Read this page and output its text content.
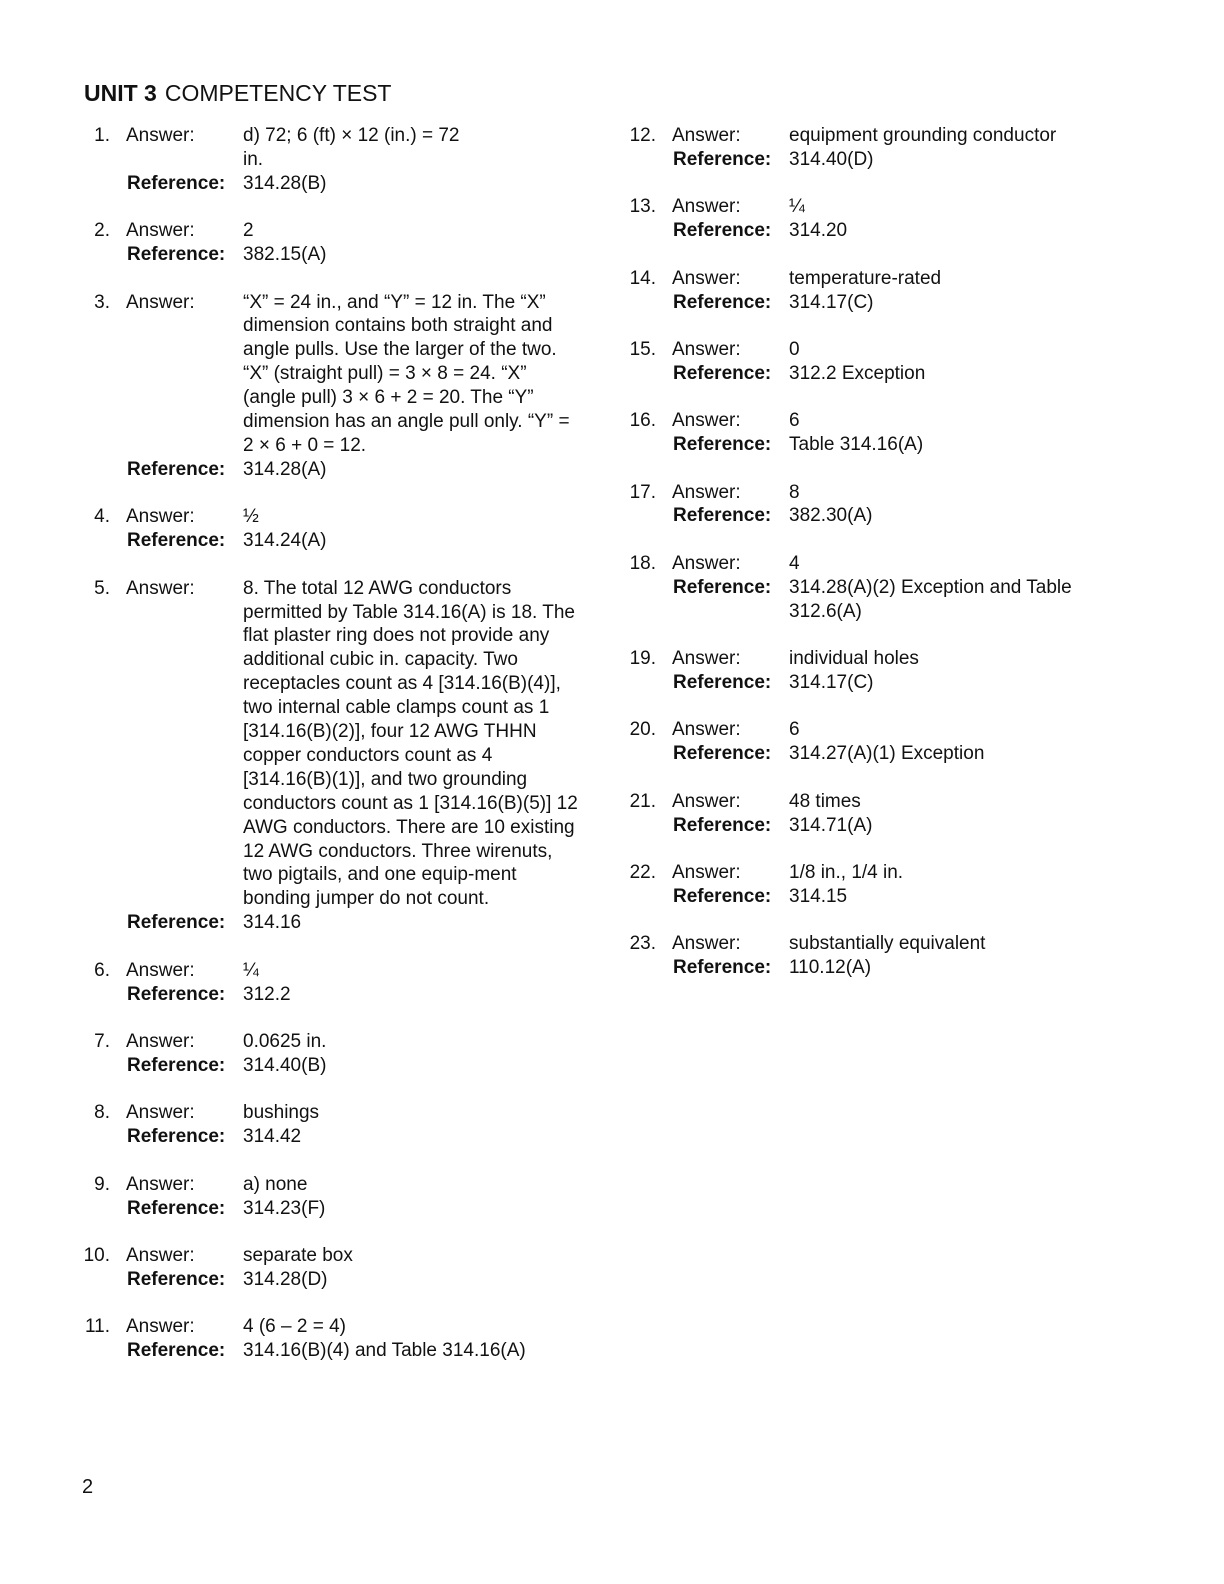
UNIT 3 COMPETENCY TEST
1. Answer:	d) 72; 6 (ft) × 12 (in.) = 72 in.
Reference: 314.28(B)
2. Answer:	2
Reference: 382.15(A)
3. Answer:	“X” = 24 in., and “Y” = 12 in. The “X” dimension contains both straight and angle pulls. Use the larger of the two. “X” (straight pull) = 3 × 8 = 24. “X” (angle pull) 3 × 6 + 2 = 20. The “Y” dimension has an angle pull only. “Y” = 2 × 6 + 0 = 12.
Reference: 314.28(A)
4. Answer:	½
Reference: 314.24(A)
5. Answer:	8. The total 12 AWG conductors permitted by Table 314.16(A) is 18. The flat plaster ring does not provide any additional cubic in. capacity. Two receptacles count as 4 [314.16(B)(4)], two internal cable clamps count as 1 [314.16(B)(2)], four 12 AWG THHN copper conductors count as 4 [314.16(B)(1)], and two grounding conductors count as 1 [314.16(B)(5)] 12 AWG conductors. There are 10 existing 12 AWG conductors. Three wirenuts, two pigtails, and one equip-ment bonding jumper do not count.
Reference: 314.16
6. Answer:	¼
Reference: 312.2
7. Answer:	0.0625 in.
Reference: 314.40(B)
8. Answer:	bushings
Reference: 314.42
9. Answer:	a) none
Reference: 314.23(F)
10. Answer:	separate box
Reference: 314.28(D)
11. Answer:	4 (6 – 2 = 4)
Reference: 314.16(B)(4) and Table 314.16(A)
12. Answer:	equipment grounding conductor
Reference: 314.40(D)
13. Answer:	¼
Reference: 314.20
14. Answer:	temperature-rated
Reference: 314.17(C)
15. Answer:	0
Reference: 312.2 Exception
16. Answer:	6
Reference: Table 314.16(A)
17. Answer:	8
Reference: 382.30(A)
18. Answer:	4
Reference: 314.28(A)(2) Exception and Table 312.6(A)
19. Answer:	individual holes
Reference: 314.17(C)
20. Answer:	6
Reference: 314.27(A)(1) Exception
21. Answer:	48 times
Reference: 314.71(A)
22. Answer:	1/8 in., 1/4 in.
Reference: 314.15
23. Answer:	substantially equivalent
Reference: 110.12(A)
2
